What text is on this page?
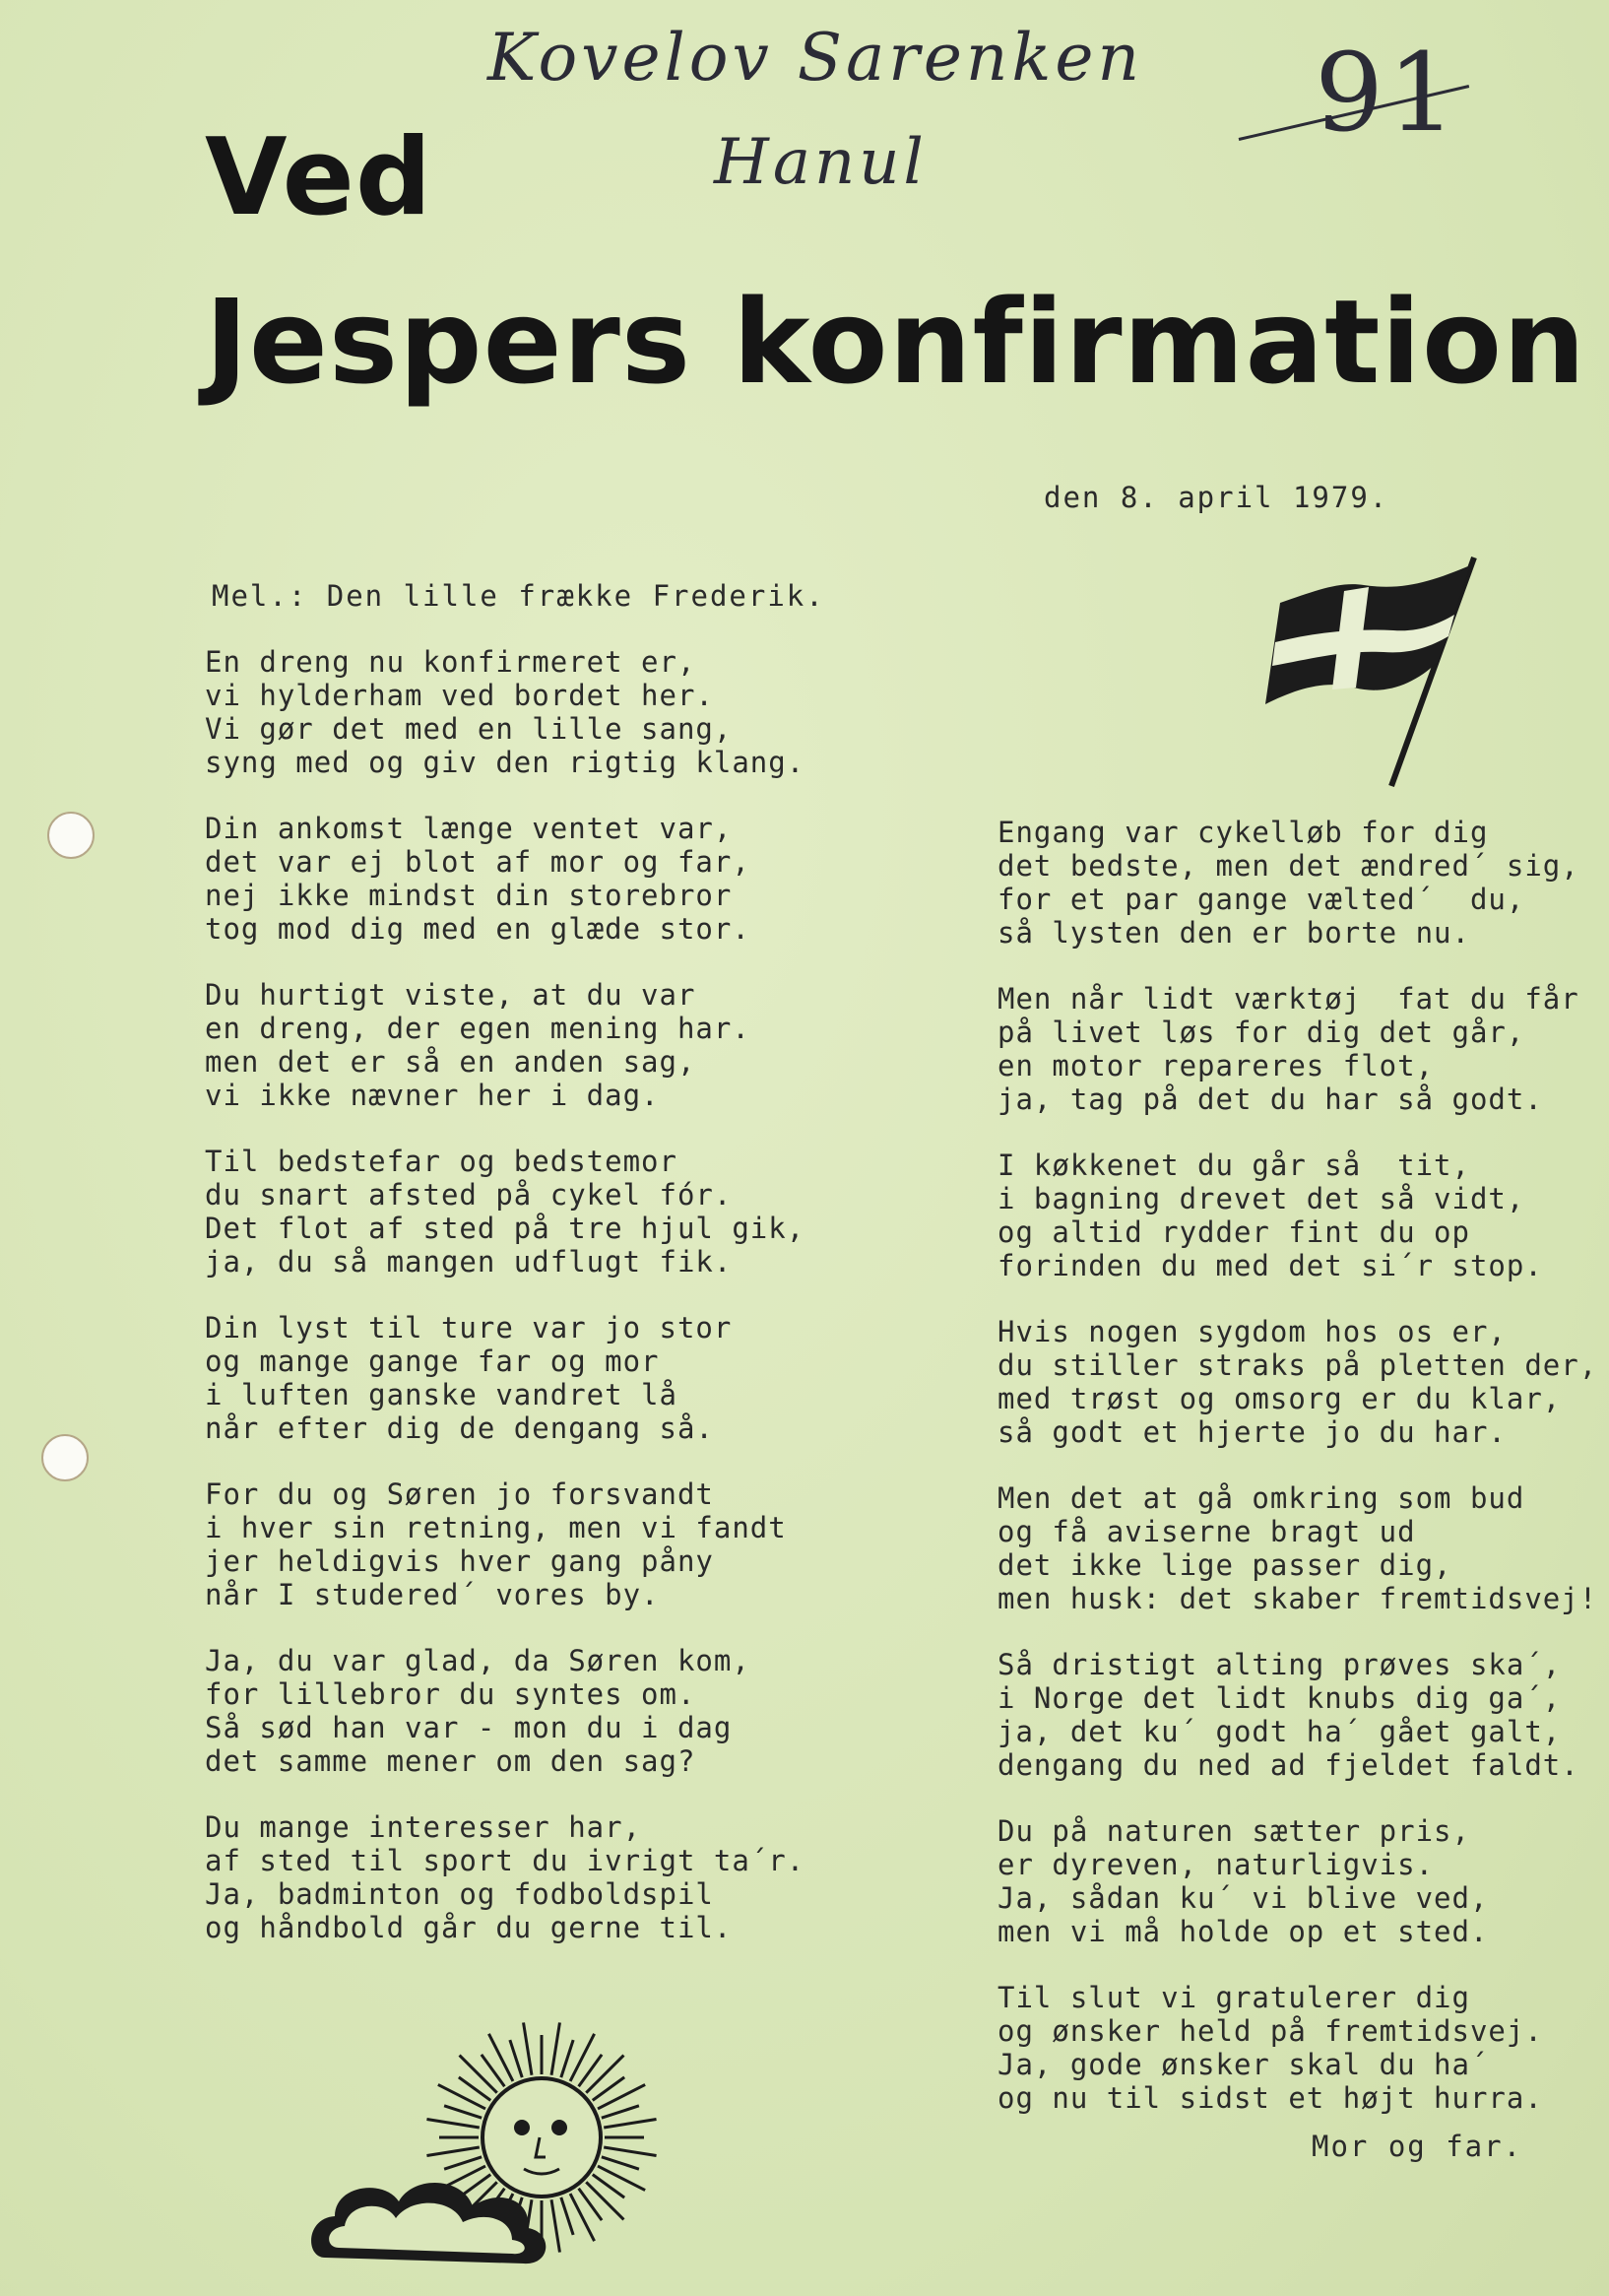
Kovelov Sarenken
Hanul
91
Ved
Jespers konfirmation
den 8. april 1979.
Mel.: Den lille frække Frederik.
En dreng nu konfirmeret er,
vi hylderham ved bordet her.
Vi gør det med en lille sang,
syng med og giv den rigtig klang.
Din ankomst længe ventet var,
det var ej blot af mor og far,
nej ikke mindst din storebror
tog mod dig med en glæde stor.
Du hurtigt viste, at du var
en dreng, der egen mening har.
men det er så en anden sag,
vi ikke nævner her i dag.
Til bedstefar og bedstemor
du snart afsted på cykel fór.
Det flot af sted på tre hjul gik,
ja, du så mangen udflugt fik.
Din lyst til ture var jo stor
og mange gange far og mor
i luften ganske vandret lå
når efter dig de dengang så.
For du og Søren jo forsvandt
i hver sin retning, men vi fandt
jer heldigvis hver gang påny
når I studered´ vores by.
Ja, du var glad, da Søren kom,
for lillebror du syntes om.
Så sød han var - mon du i dag
det samme mener om den sag?
Du mange interesser har,
af sted til sport du ivrigt ta´r.
Ja, badminton og fodboldspil
og håndbold går du gerne til.
Engang var cykelløb for dig
det bedste, men det ændred´ sig,
for et par gange vælted´  du,
så lysten den er borte nu.
Men når lidt værktøj  fat du får
på livet løs for dig det går,
en motor repareres flot,
ja, tag på det du har så godt.
I køkkenet du går så  tit,
i bagning drevet det så vidt,
og altid rydder fint du op
forinden du med det si´r stop.
Hvis nogen sygdom hos os er,
du stiller straks på pletten der,
med trøst og omsorg er du klar,
så godt et hjerte jo du har.
Men det at gå omkring som bud
og få aviserne bragt ud
det ikke lige passer dig,
men husk: det skaber fremtidsvej!
Så dristigt alting prøves ska´,
i Norge det lidt knubs dig ga´,
ja, det ku´ godt ha´ gået galt,
dengang du ned ad fjeldet faldt.
Du på naturen sætter pris,
er dyreven, naturligvis.
Ja, sådan ku´ vi blive ved,
men vi må holde op et sted.
Til slut vi gratulerer dig
og ønsker held på fremtidsvej.
Ja, gode ønsker skal du ha´
og nu til sidst et højt hurra.
Mor og far.
